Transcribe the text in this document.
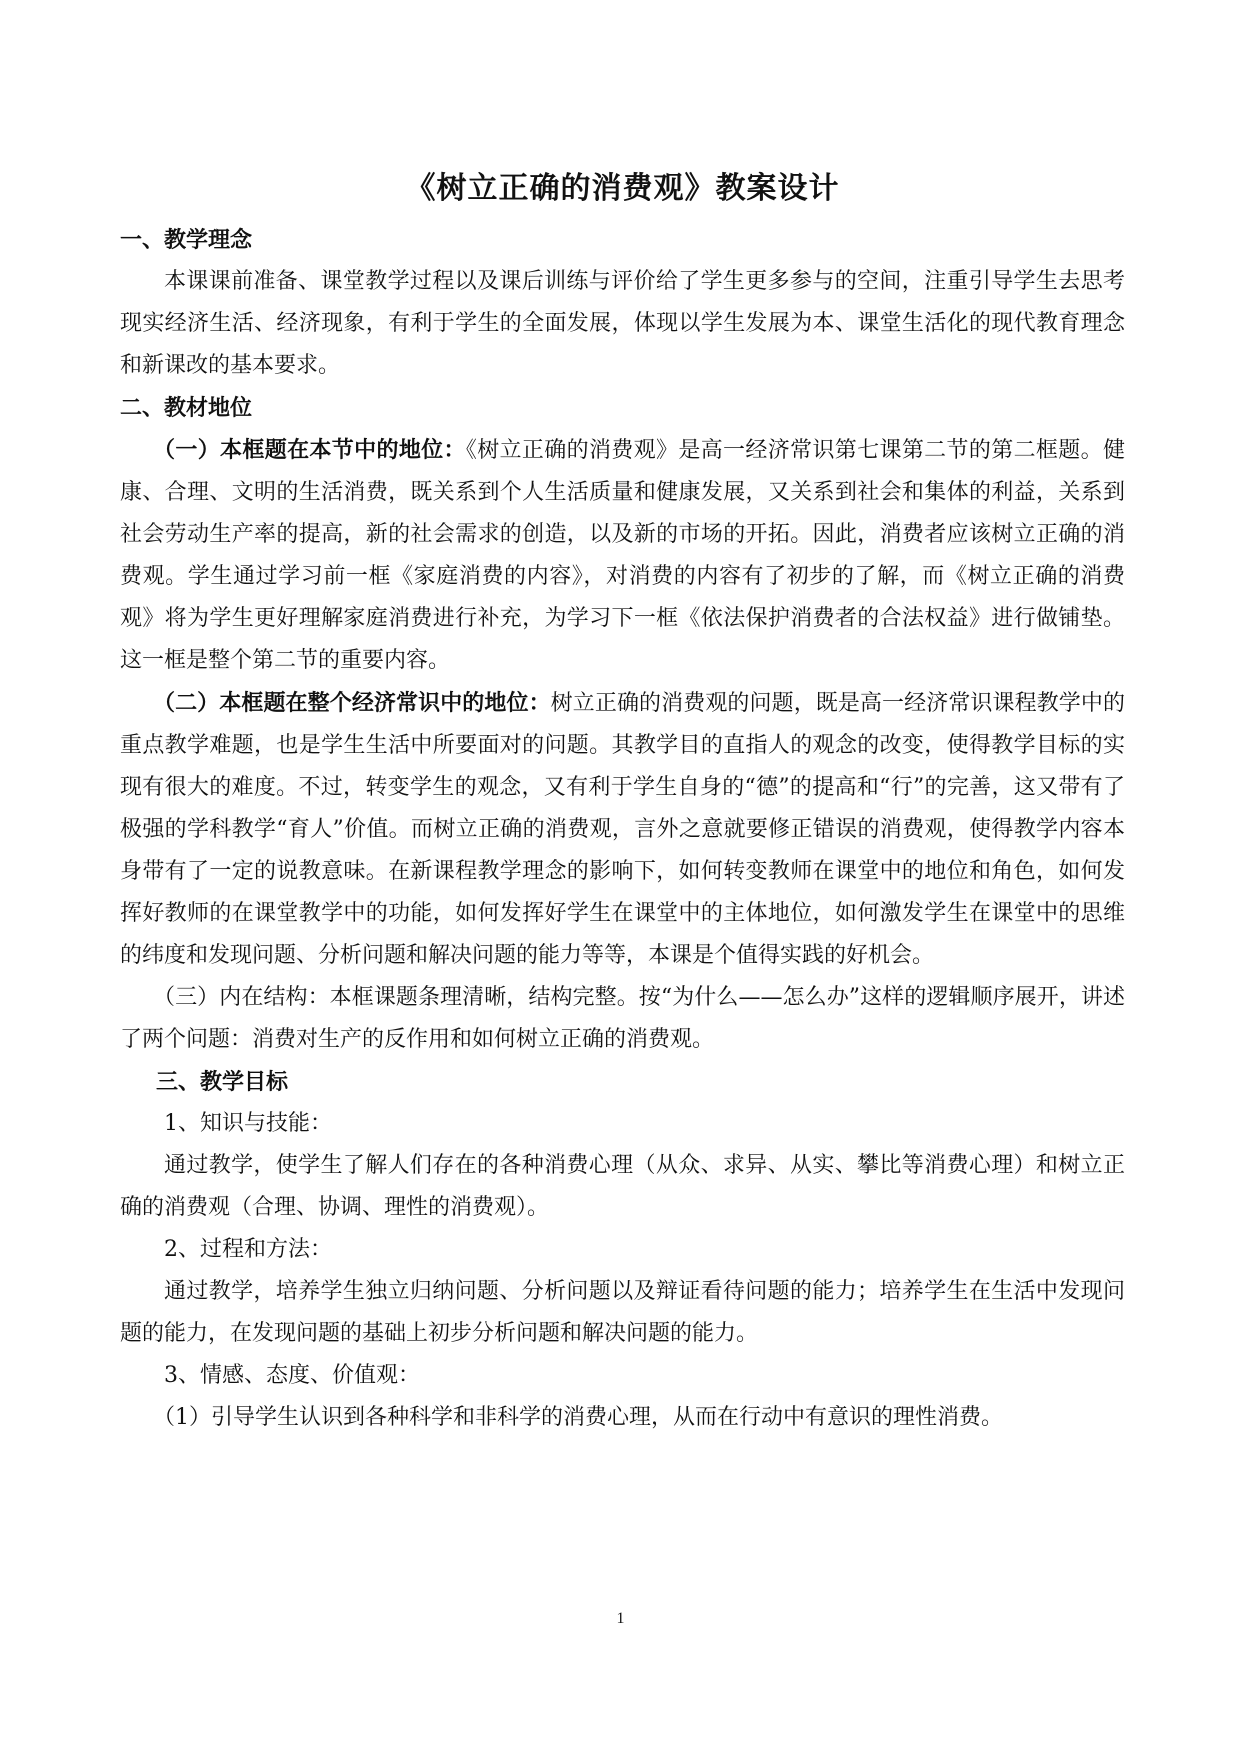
《树立正确的消费观》教案设计
一、教学理念

本课课前准备、课堂教学过程以及课后训练与评价给了学生更多参与的空间，注重引导学生去思考现实经济生活、经济现象，有利于学生的全面发展，体现以学生发展为本、课堂生活化的现代教育理念和新课改的基本要求。

二、教材地位

（一）本框题在本节中的地位：《树立正确的消费观》是高一经济常识第七课第二节的第二框题。健康、合理、文明的生活消费，既关系到个人生活质量和健康发展，又关系到社会和集体的利益，关系到社会劳动生产率的提高，新的社会需求的创造，以及新的市场的开拓。因此，消费者应该树立正确的消费观。学生通过学习前一框《家庭消费的内容》，对消费的内容有了初步的了解，而《树立正确的消费观》将为学生更好理解家庭消费进行补充，为学习下一框《依法保护消费者的合法权益》进行做铺垫。这一框是整个第二节的重要内容。

（二）本框题在整个经济常识中的地位：树立正确的消费观的问题，既是高一经济常识课程教学中的重点教学难题，也是学生生活中所要面对的问题。其教学目的直指人的观念的改变，使得教学目标的实现有很大的难度。不过，转变学生的观念，又有利于学生自身的“德”的提高和“行”的完善，这又带有了极强的学科教学“育人”价值。而树立正确的消费观，言外之意就要修正错误的消费观，使得教学内容本身带有了一定的说教意味。在新课程教学理念的影响下，如何转变教师在课堂中的地位和角色，如何发挥好教师的在课堂教学中的功能，如何发挥好学生在课堂中的主体地位，如何激发学生在课堂中的思维的纬度和发现问题、分析问题和解决问题的能力等等，本课是个值得实践的好机会。

（三）内在结构：本框课题条理清晰，结构完整。按“为什么——怎么办”这样的逻辑顺序展开，讲述了两个问题：消费对生产的反作用和如何树立正确的消费观。

三、教学目标

1、知识与技能：

通过教学，使学生了解人们存在的各种消费心理（从众、求异、从实、攀比等消费心理）和树立正确的消费观（合理、协调、理性的消费观）。

2、过程和方法：

通过教学，培养学生独立归纳问题、分析问题以及辩证看待问题的能力；培养学生在生活中发现问题的能力，在发现问题的基础上初步分析问题和解决问题的能力。

3、情感、态度、价值观：

（1）引导学生认识到各种科学和非科学的消费心理，从而在行动中有意识的理性消费。

1
